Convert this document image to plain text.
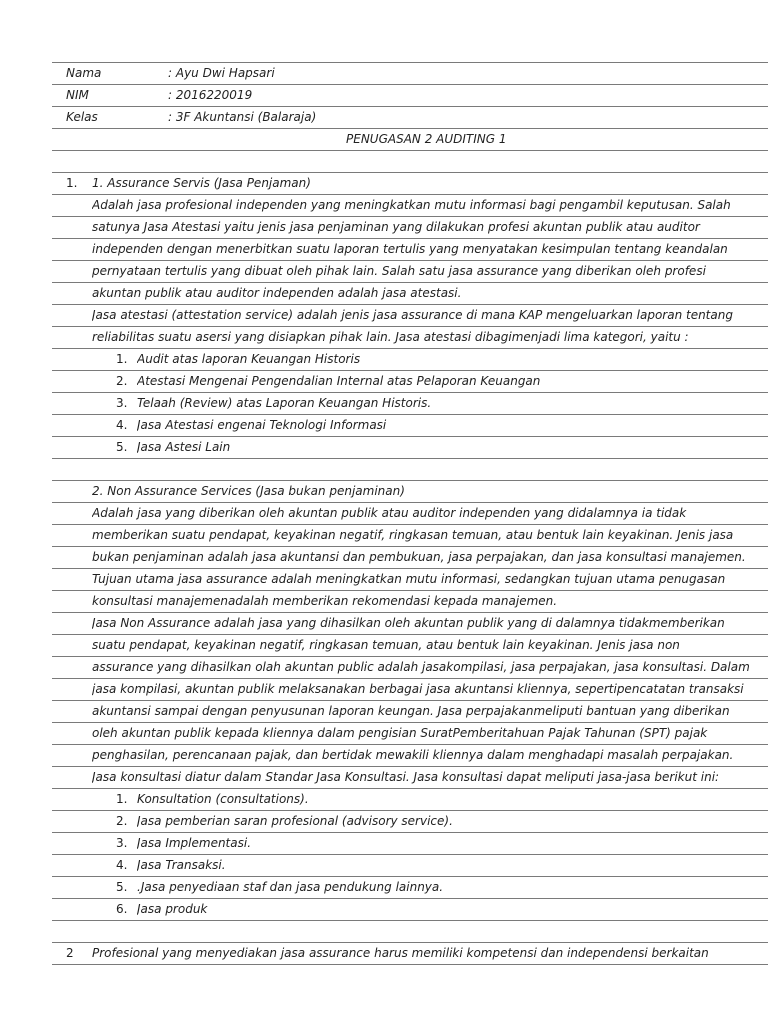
Nama	: Ayu Dwi Hapsari
NIM	: 2016220019
Kelas	: 3F Akuntansi (Balaraja)
PENUGASAN 2 AUDITING 1
1. 1. Assurance Servis (Jasa Penjaman)
Adalah jasa profesional independen yang meningkatkan mutu informasi bagi pengambil keputusan. Salah
satunya Jasa Atestasi yaitu jenis jasa penjaminan yang dilakukan profesi akuntan publik atau auditor
independen dengan menerbitkan suatu laporan tertulis yang menyatakan kesimpulan tentang keandalan
pernyataan tertulis yang dibuat oleh pihak lain. Salah satu jasa assurance yang diberikan oleh profesi
akuntan publik atau auditor independen adalah jasa atestasi.
Jasa atestasi (attestation service) adalah jenis jasa assurance di mana KAP mengeluarkan laporan tentang
reliabilitas suatu asersi yang disiapkan pihak lain. Jasa atestasi dibagimenjadi lima kategori, yaitu :
1. Audit atas laporan Keuangan Historis
2. Atestasi Mengenai Pengendalian Internal atas Pelaporan Keuangan
3. Telaah (Review) atas Laporan Keuangan Historis.
4. Jasa Atestasi engenai Teknologi Informasi
5. Jasa Astesi Lain
2. Non Assurance Services (Jasa bukan penjaminan)
Adalah jasa yang diberikan oleh akuntan publik atau auditor independen yang didalamnya ia tidak
memberikan suatu pendapat, keyakinan negatif, ringkasan temuan, atau bentuk lain keyakinan. Jenis jasa
bukan penjaminan adalah jasa akuntansi dan pembukuan, jasa perpajakan, dan jasa konsultasi manajemen.
Tujuan utama jasa assurance adalah meningkatkan mutu informasi, sedangkan tujuan utama penugasan
konsultasi manajemenadalah memberikan rekomendasi kepada manajemen.
Jasa Non Assurance adalah jasa yang dihasilkan oleh akuntan publik yang di dalamnya tidakmemberikan
suatu pendapat, keyakinan negatif, ringkasan temuan, atau bentuk lain keyakinan. Jenis jasa non
assurance yang dihasilkan olah akuntan public adalah jasakompilasi, jasa perpajakan, jasa konsultasi. Dalam
jasa kompilasi, akuntan publik melaksanakan berbagai jasa akuntansi kliennya, sepertipencatatan transaksi
akuntansi sampai dengan penyusunan laporan keungan. Jasa perpajakanmeliputi bantuan yang diberikan
oleh akuntan publik kepada kliennya dalam pengisian SuratPemberitahuan Pajak Tahunan (SPT) pajak
penghasilan, perencanaan pajak, dan bertidak mewakili kliennya dalam menghadapi masalah perpajakan.
Jasa konsultasi diatur dalam Standar Jasa Konsultasi. Jasa konsultasi dapat meliputi jasa-jasa berikut ini:
1. Konsultation (consultations).
2. Jasa pemberian saran profesional (advisory service).
3. Jasa Implementasi.
4. Jasa Transaksi.
5. .Jasa penyediaan staf dan jasa pendukung lainnya.
6. Jasa produk
2 Profesional yang menyediakan jasa assurance harus memiliki kompetensi dan independensi berkaitan
